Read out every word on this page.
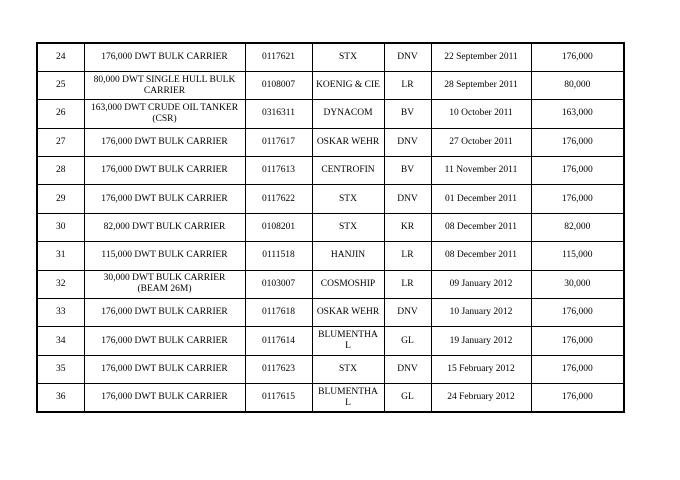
24	176,000 DWT BULK CARRIER	0117621	STX	DNV	22 September 2011	176,000
25	80,000 DWT SINGLE HULL BULK CARRIER	0108007	KOENIG & CIE	LR	28 September 2011	80,000
26	163,000 DWT CRUDE OIL TANKER (CSR)	0316311	DYNACOM	BV	10 October 2011	163,000
27	176,000 DWT BULK CARRIER	0117617	OSKAR WEHR	DNV	27 October 2011	176,000
28	176,000 DWT BULK CARRIER	0117613	CENTROFIN	BV	11 November 2011	176,000
29	176,000 DWT BULK CARRIER	0117622	STX	DNV	01 December 2011	176,000
30	82,000 DWT BULK CARRIER	0108201	STX	KR	08 December 2011	82,000
31	115,000 DWT BULK CARRIER	0111518	HANJIN	LR	08 December 2011	115,000
32	30,000 DWT BULK CARRIER (BEAM 26M)	0103007	COSMOSHIP	LR	09 January 2012	30,000
33	176,000 DWT BULK CARRIER	0117618	OSKAR WEHR	DNV	10 January 2012	176,000
34	176,000 DWT BULK CARRIER	0117614	BLUMENTHAL	GL	19 January 2012	176,000
35	176,000 DWT BULK CARRIER	0117623	STX	DNV	15 February 2012	176,000
36	176,000 DWT BULK CARRIER	0117615	BLUMENTHAL	GL	24 February 2012	176,000
